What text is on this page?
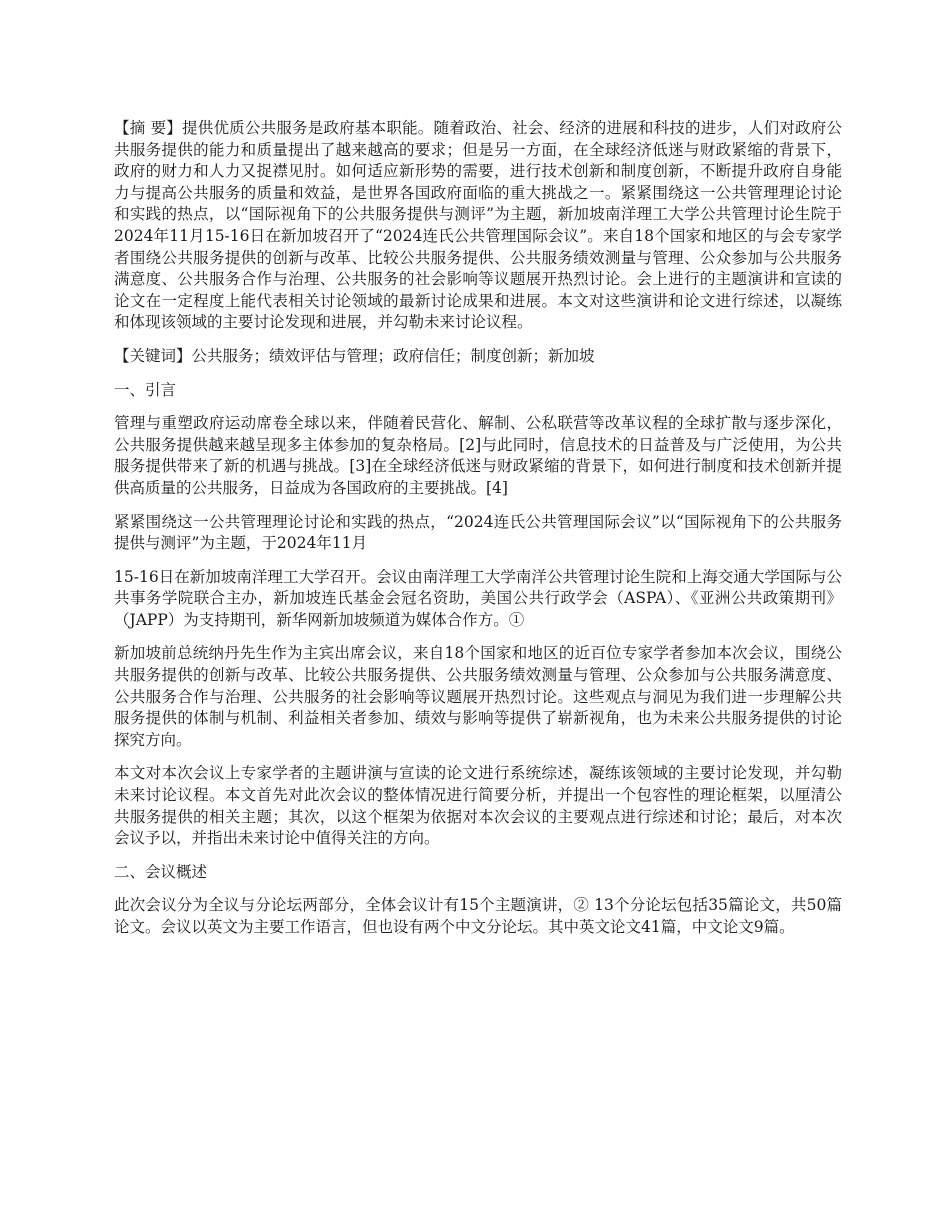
【摘 要】提供优质公共服务是政府基本职能。随着政治、社会、经济的进展和科技的进步，人们对政府公共服务提供的能力和质量提出了越来越高的要求；但是另一方面，在全球经济低迷与财政紧缩的背景下，政府的财力和人力又捉襟见肘。如何适应新形势的需要，进行技术创新和制度创新，不断提升政府自身能力与提高公共服务的质量和效益，是世界各国政府面临的重大挑战之一。紧紧围绕这一公共管理理论讨论和实践的热点，以“国际视角下的公共服务提供与测评”为主题，新加坡南洋理工大学公共管理讨论生院于2024年11月15-16日在新加坡召开了“2024连氏公共管理国际会议”。来自18个国家和地区的与会专家学者围绕公共服务提供的创新与改革、比较公共服务提供、公共服务绩效测量与管理、公众参加与公共服务满意度、公共服务合作与治理、公共服务的社会影响等议题展开热烈讨论。会上进行的主题演讲和宣读的论文在一定程度上能代表相关讨论领域的最新讨论成果和进展。本文对这些演讲和论文进行综述，以凝练和体现该领域的主要讨论发现和进展，并勾勒未来讨论议程。

【关键词】公共服务；绩效评估与管理；政府信任；制度创新；新加坡

一、引言

管理与重塑政府运动席卷全球以来，伴随着民营化、解制、公私联营等改革议程的全球扩散与逐步深化，公共服务提供越来越呈现多主体参加的复杂格局。[2]与此同时，信息技术的日益普及与广泛使用，为公共服务提供带来了新的机遇与挑战。[3]在全球经济低迷与财政紧缩的背景下，如何进行制度和技术创新并提供高质量的公共服务，日益成为各国政府的主要挑战。[4]

紧紧围绕这一公共管理理论讨论和实践的热点，“2024连氏公共管理国际会议”以“国际视角下的公共服务提供与测评”为主题，于2024年11月

15-16日在新加坡南洋理工大学召开。会议由南洋理工大学南洋公共管理讨论生院和上海交通大学国际与公共事务学院联合主办，新加坡连氏基金会冠名资助，美国公共行政学会（ASPA）、《亚洲公共政策期刊》（JAPP）为支持期刊，新华网新加坡频道为媒体合作方。①

新加坡前总统纳丹先生作为主宾出席会议，来自18个国家和地区的近百位专家学者参加本次会议，围绕公共服务提供的创新与改革、比较公共服务提供、公共服务绩效测量与管理、公众参加与公共服务满意度、公共服务合作与治理、公共服务的社会影响等议题展开热烈讨论。这些观点与洞见为我们进一步理解公共服务提供的体制与机制、利益相关者参加、绩效与影响等提供了崭新视角，也为未来公共服务提供的讨论探究方向。

本文对本次会议上专家学者的主题讲演与宣读的论文进行系统综述，凝练该领域的主要讨论发现，并勾勒未来讨论议程。本文首先对此次会议的整体情况进行简要分析，并提出一个包容性的理论框架，以厘清公共服务提供的相关主题；其次，以这个框架为依据对本次会议的主要观点进行综述和讨论；最后，对本次会议予以，并指出未来讨论中值得关注的方向。

二、会议概述

此次会议分为全议与分论坛两部分，全体会议计有15个主题演讲，② 13个分论坛包括35篇论文，共50篇论文。会议以英文为主要工作语言，但也设有两个中文分论坛。其中英文论文41篇，中文论文9篇。
